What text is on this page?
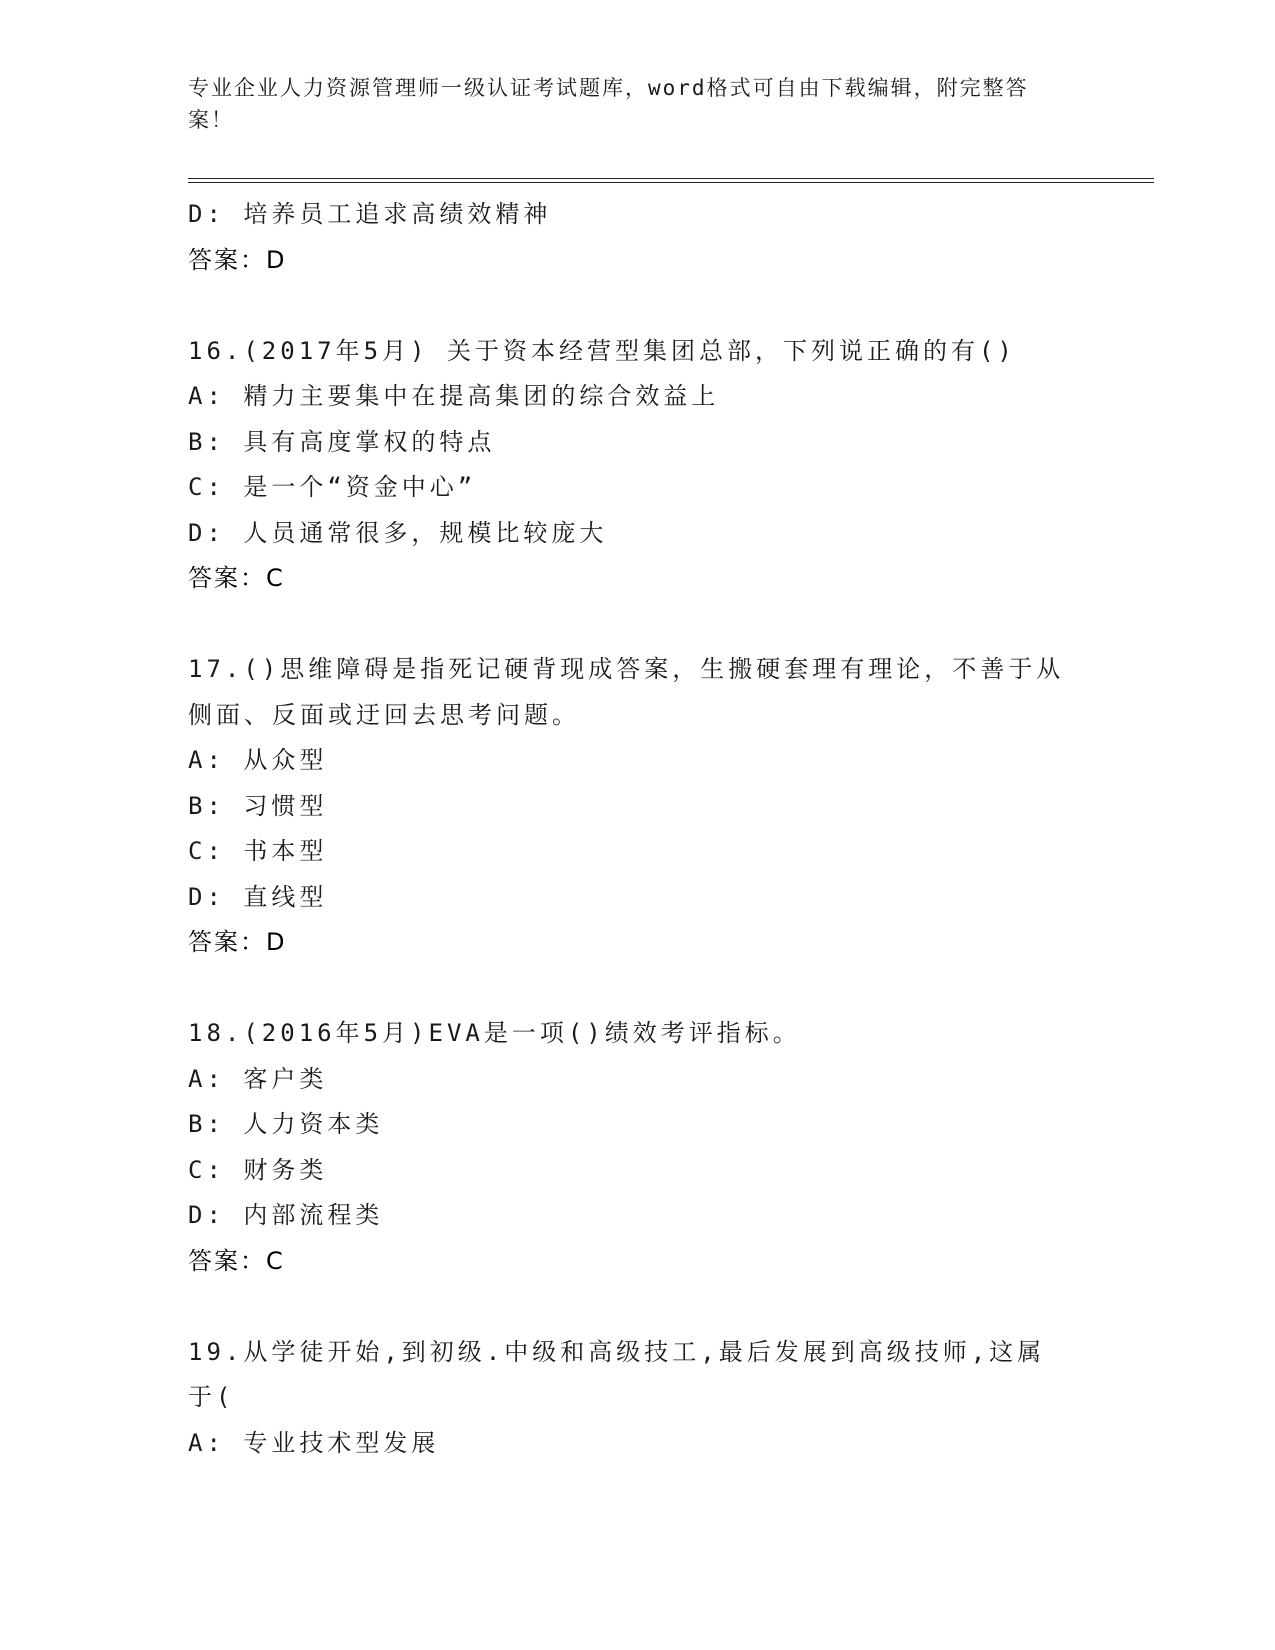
专业企业人力资源管理师一级认证考试题库，word格式可自由下载编辑，附完整答案！
D: 培养员工追求高绩效精神
答案：D
16.(2017年5月) 关于资本经营型集团总部，下列说正确的有()
A: 精力主要集中在提高集团的综合效益上
B: 具有高度掌权的特点
C: 是一个“资金中心”
D: 人员通常很多，规模比较庞大
答案：C
17.()思维障碍是指死记硬背现成答案，生搬硬套理有理论，不善于从侧面、反面或迂回去思考问题。
A: 从众型
B: 习惯型
C: 书本型
D: 直线型
答案：D
18.(2016年5月)EVA是一项()绩效考评指标。
A: 客户类
B: 人力资本类
C: 财务类
D: 内部流程类
答案：C
19.从学徒开始,到初级.中级和高级技工,最后发展到高级技师,这属于(
A: 专业技术型发展
